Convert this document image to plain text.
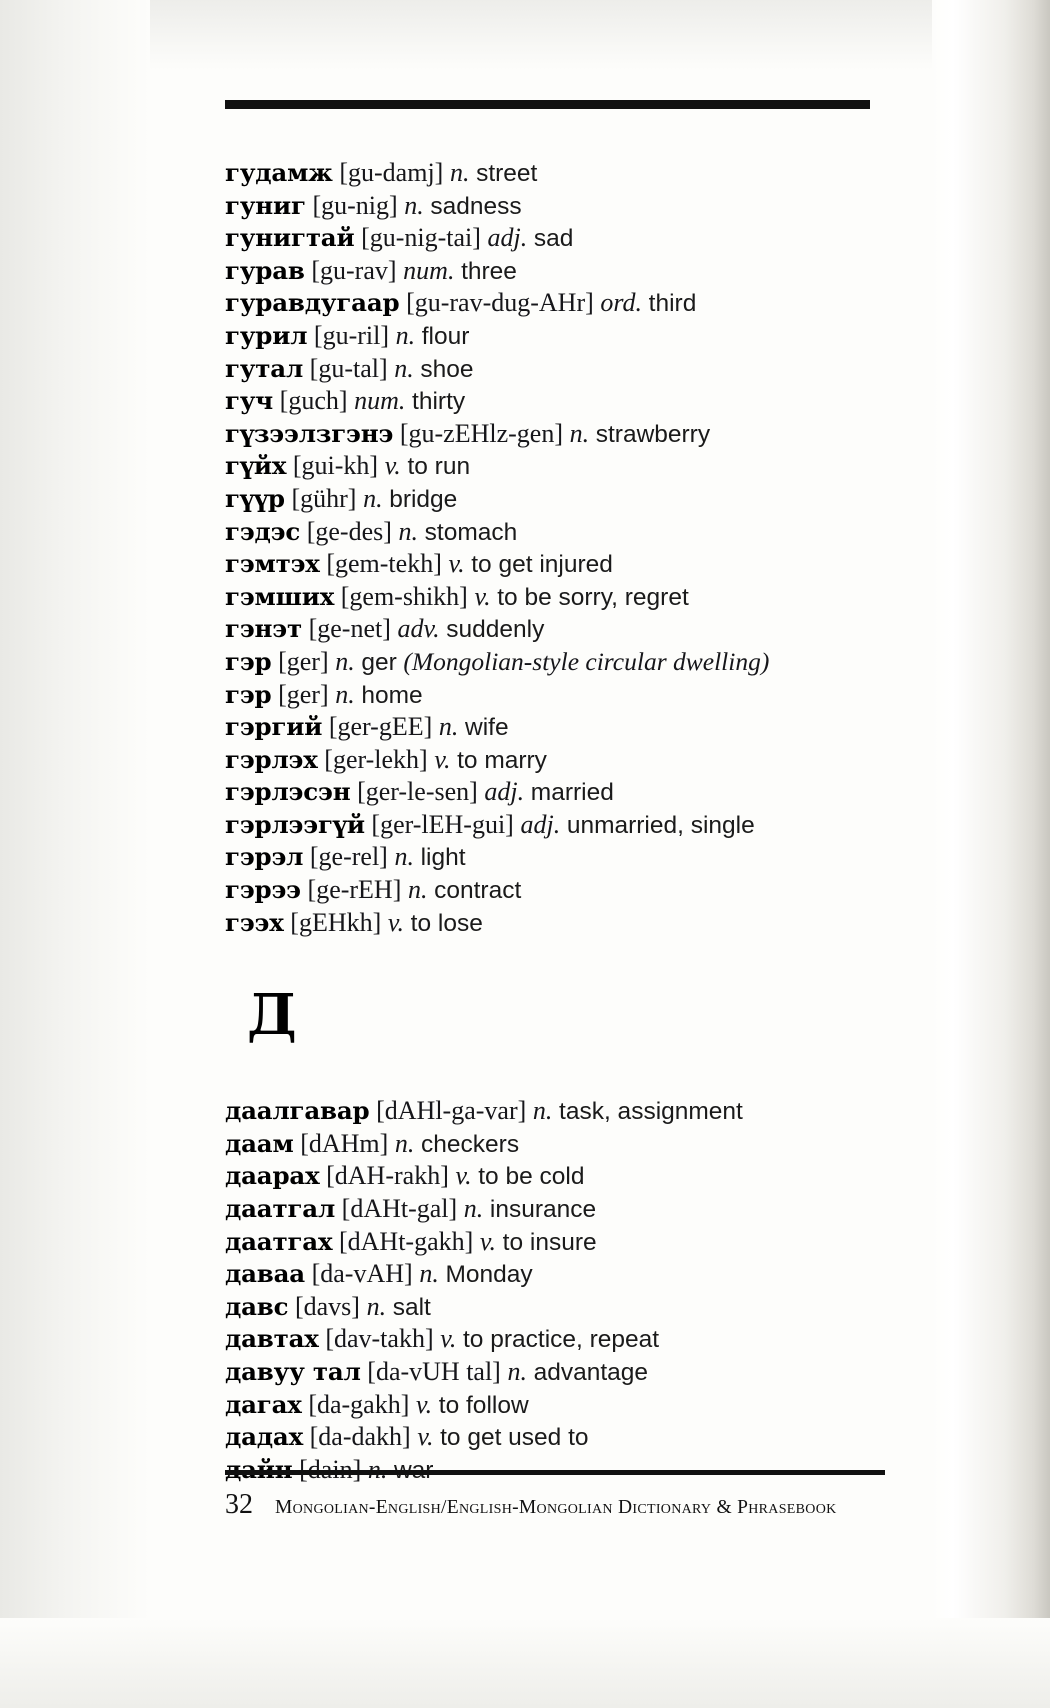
гудамж [gu-damj] n. street
гуниг [gu-nig] n. sadness
гунигтай [gu-nig-tai] adj. sad
гурав [gu-rav] num. three
гуравдугаар [gu-rav-dug-AHr] ord. third
гурил [gu-ril] n. flour
гутал [gu-tal] n. shoe
гуч [guch] num. thirty
гүзээлзгэнэ [gu-zEHlz-gen] n. strawberry
гүйх [gui-kh] v. to run
гүүр [gühr] n. bridge
гэдэс [ge-des] n. stomach
гэмтэх [gem-tekh] v. to get injured
гэмших [gem-shikh] v. to be sorry, regret
гэнэт [ge-net] adv. suddenly
гэр [ger] n. ger (Mongolian-style circular dwelling)
гэр [ger] n. home
гэргий [ger-gEE] n. wife
гэрлэх [ger-lekh] v. to marry
гэрлэсэн [ger-le-sen] adj. married
гэрлээгүй [ger-lEH-gui] adj. unmarried, single
гэрэл [ge-rel] n. light
гэрээ [ge-rEH] n. contract
гээх [gEHkh] v. to lose
Д
даалгавар [dAHl-ga-var] n. task, assignment
даам [dAHm] n. checkers
даарах [dAH-rakh] v. to be cold
даатгал [dAHt-gal] n. insurance
даатгах [dAHt-gakh] v. to insure
даваа [da-vAH] n. Monday
давс [davs] n. salt
давтах [dav-takh] v. to practice, repeat
давуу тал [da-vUH tal] n. advantage
дагах [da-gakh] v. to follow
дадах [da-dakh] v. to get used to
32 Mongolian-English/English-Mongolian Dictionary & Phrasebook
